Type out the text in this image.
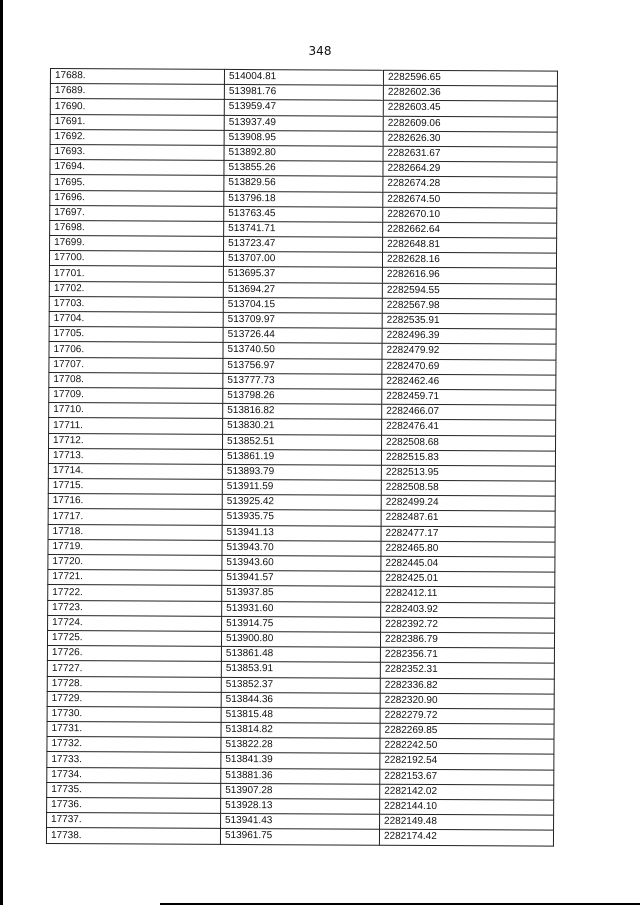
348
17688.	514004.81	2282596.65
17689.	513981.76	2282602.36
17690.	513959.47	2282603.45
17691.	513937.49	2282609.06
17692.	513908.95	2282626.30
17693.	513892.80	2282631.67
17694.	513855.26	2282664.29
17695.	513829.56	2282674.28
17696.	513796.18	2282674.50
17697.	513763.45	2282670.10
17698.	513741.71	2282662.64
17699.	513723.47	2282648.81
17700.	513707.00	2282628.16
17701.	513695.37	2282616.96
17702.	513694.27	2282594.55
17703.	513704.15	2282567.98
17704.	513709.97	2282535.91
17705.	513726.44	2282496.39
17706.	513740.50	2282479.92
17707.	513756.97	2282470.69
17708.	513777.73	2282462.46
17709.	513798.26	2282459.71
17710.	513816.82	2282466.07
17711.	513830.21	2282476.41
17712.	513852.51	2282508.68
17713.	513861.19	2282515.83
17714.	513893.79	2282513.95
17715.	513911.59	2282508.58
17716.	513925.42	2282499.24
17717.	513935.75	2282487.61
17718.	513941.13	2282477.17
17719.	513943.70	2282465.80
17720.	513943.60	2282445.04
17721.	513941.57	2282425.01
17722.	513937.85	2282412.11
17723.	513931.60	2282403.92
17724.	513914.75	2282392.72
17725.	513900.80	2282386.79
17726.	513861.48	2282356.71
17727.	513853.91	2282352.31
17728.	513852.37	2282336.82
17729.	513844.36	2282320.90
17730.	513815.48	2282279.72
17731.	513814.82	2282269.85
17732.	513822.28	2282242.50
17733.	513841.39	2282192.54
17734.	513881.36	2282153.67
17735.	513907.28	2282142.02
17736.	513928.13	2282144.10
17737.	513941.43	2282149.48
17738.	513961.75	2282174.42
